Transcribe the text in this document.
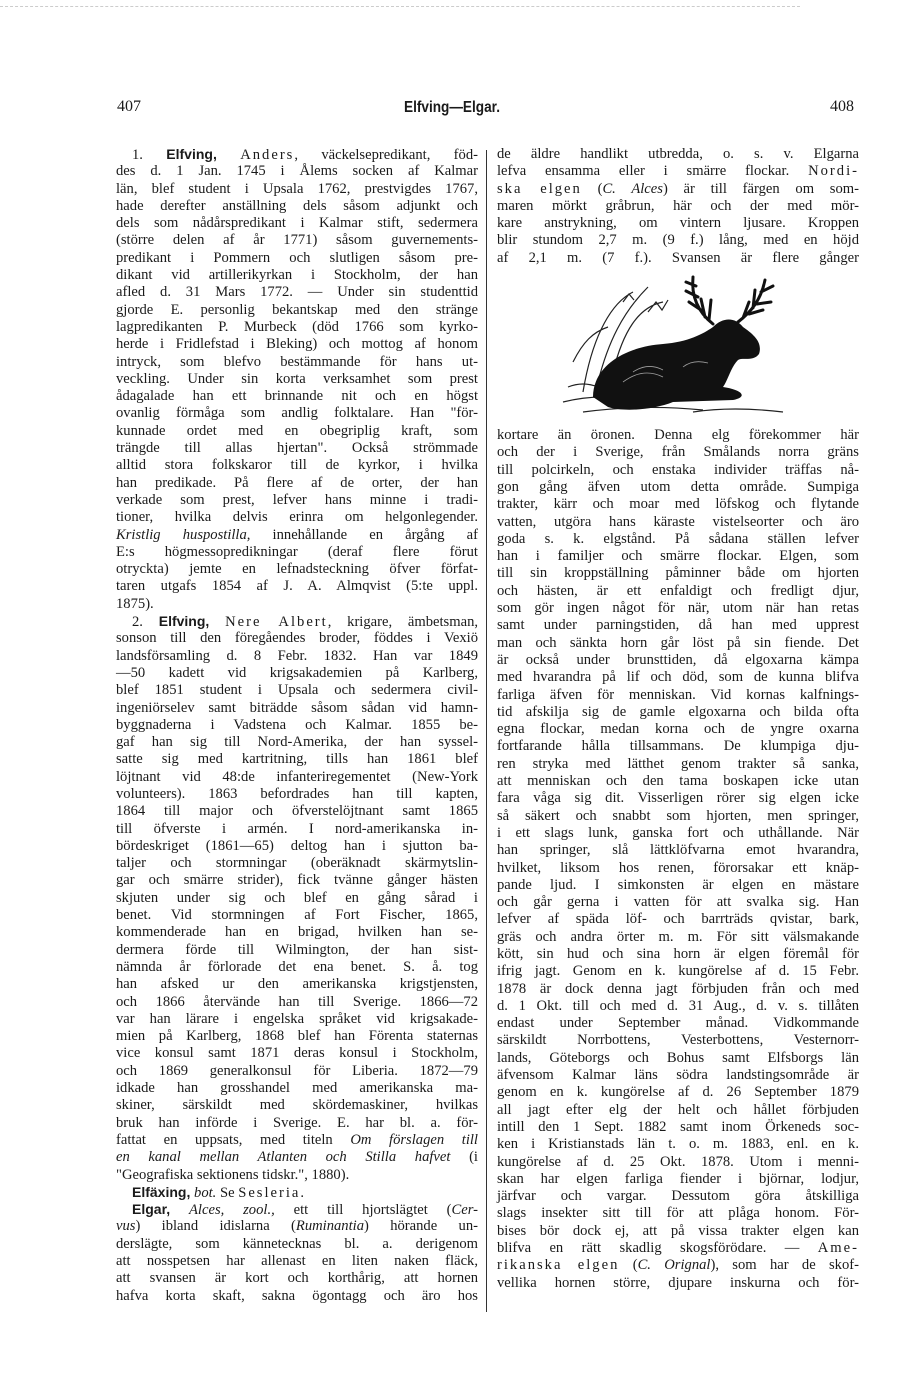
407	Elfving—Elgar.	408
1. Elfving, Anders, väckelsepredikant, föd-
des d. 1 Jan. 1745 i Ålems socken af Kalmar
län, blef student i Upsala 1762, prestvigdes 1767,
hade derefter anställning dels såsom adjunkt och
dels som nådårspredikant i Kalmar stift, sedermera
(större delen af år 1771) såsom guvernements-
predikant i Pommern och slutligen såsom pre-
dikant vid artillerikyrkan i Stockholm, der han
afled d. 31 Mars 1772. — Under sin studenttid
gjorde E. personlig bekantskap med den stränge
lagpredikanten P. Murbeck (död 1766 som kyrko-
herde i Fridlefstad i Bleking) och mottog af honom
intryck, som blefvo bestämmande för hans ut-
veckling. Under sin korta verksamhet som prest
ådagalade han ett brinnande nit och en högst
ovanlig förmåga som andlig folktalare. Han "för-
kunnade ordet med en obegriplig kraft, som
trängde till allas hjertan". Också strömmade
alltid stora folkskaror till de kyrkor, i hvilka
han predikade. På flere af de orter, der han
verkade som prest, lefver hans minne i tradi-
tioner, hvilka delvis erinra om helgonlegender.
Kristlig huspostilla, innehållande en årgång af
E:s högmessopredikningar (deraf flere förut
otryckta) jemte en lefnadsteckning öfver förfat-
taren utgafs 1854 af J. A. Almqvist (5:te uppl.
1875).
2. Elfving, Nere Albert, krigare, ämbetsman,
sonson till den föregåendes broder, föddes i Vexiö
landsförsamling d. 8 Febr. 1832. Han var 1849
—50 kadett vid krigsakademien på Karlberg,
blef 1851 student i Upsala och sedermera civil-
ingeniörselev samt biträdde såsom sådan vid hamn-
byggnaderna i Vadstena och Kalmar. 1855 be-
gaf han sig till Nord-Amerika, der han syssel-
satte sig med kartritning, tills han 1861 blef
löjtnant vid 48:de infanteriregementet (New-York
volunteers). 1863 befordrades han till kapten,
1864 till major och öfverstelöjtnant samt 1865
till öfverste i armén. I nord-amerikanska in-
bördeskriget (1861—65) deltog han i sjutton ba-
taljer och stormningar (oberäknadt skärmytslin-
gar och smärre strider), fick tvänne gånger hästen
skjuten under sig och blef en gång sårad i
benet. Vid stormningen af Fort Fischer, 1865,
kommenderade han en brigad, hvilken han se-
dermera förde till Wilmington, der han sist-
nämnda år förlorade det ena benet. S. å. tog
han afsked ur den amerikanska krigstjensten,
och 1866 återvände han till Sverige. 1866—72
var han lärare i engelska språket vid krigsakade-
mien på Karlberg, 1868 blef han Förenta staternas
vice konsul samt 1871 deras konsul i Stockholm,
och 1869 generalkonsul för Liberia. 1872—79
idkade han grosshandel med amerikanska ma-
skiner, särskildt med skördemaskiner, hvilkas
bruk han införde i Sverige. E. har bl. a. för-
fattat en uppsats, med titeln Om förslagen till
en kanal mellan Atlanten och Stilla hafvet (i
"Geografiska sektionens tidskr.", 1880).
Elfäxing, bot. Se Sesleria.
Elgar, Alces, zool., ett till hjortslägtet (Cer-
vus) ibland idislarna (Ruminantia) hörande un-
derslägte, som kännetecknas bl. a. derigenom
att nosspetsen har allenast en liten naken fläck,
att svansen är kort och korthårig, att hornen
hafva korta skaft, sakna ögontagg och äro hos
de äldre handlikt utbredda, o. s. v. Elgarna
lefva ensamma eller i smärre flockar. Nordi-
ska elgen (C. Alces) är till färgen om som-
maren mörkt gråbrun, här och der med mör-
kare anstrykning, om vintern ljusare. Kroppen
blir stundom 2,7 m. (9 f.) lång, med en höjd
af 2,1 m. (7 f.). Svansen är flere gånger
kortare än öronen. Denna elg förekommer här
och der i Sverige, från Smålands norra gräns
till polcirkeln, och enstaka individer träffas nå-
gon gång äfven utom detta område. Sumpiga
trakter, kärr och moar med löfskog och flytande
vatten, utgöra hans käraste vistelseorter och äro
goda s. k. elgstånd. På sådana ställen lefver
han i familjer och smärre flockar. Elgen, som
till sin kroppställning påminner både om hjorten
och hästen, är ett enfaldigt och fredligt djur,
som gör ingen något för när, utom när han retas
samt under parningstiden, då han med upprest
man och sänkta horn går löst på sin fiende. Det
är också under brunsttiden, då elgoxarna kämpa
med hvarandra på lif och död, som de kunna blifva
farliga äfven för menniskan. Vid kornas kalfnings-
tid afskilja sig de gamle elgoxarna och bilda ofta
egna flockar, medan korna och de yngre oxarna
fortfarande hålla tillsammans. De klumpiga dju-
ren stryka med lätthet genom trakter så sanka,
att menniskan och den tama boskapen icke utan
fara våga sig dit. Visserligen rörer sig elgen icke
så säkert och snabbt som hjorten, men springer,
i ett slags lunk, ganska fort och uthållande. När
han springer, slå lättklöfvarna emot hvarandra,
hvilket, liksom hos renen, förorsakar ett knäp-
pande ljud. I simkonsten är elgen en mästare
och går gerna i vatten för att svalka sig. Han
lefver af späda löf- och barrträds qvistar, bark,
gräs och andra örter m. m. För sitt välsmakande
kött, sin hud och sina horn är elgen föremål för
ifrig jagt. Genom en k. kungörelse af d. 15 Febr.
1878 är dock denna jagt förbjuden från och med
d. 1 Okt. till och med d. 31 Aug., d. v. s. tillåten
endast under September månad. Vidkommande
särskildt Norrbottens, Vesterbottens, Vesternorr-
lands, Göteborgs och Bohus samt Elfsborgs län
äfvensom Kalmar läns södra landstingsområde är
genom en k. kungörelse af d. 26 September 1879
all jagt efter elg der helt och hållet förbjuden
intill den 1 Sept. 1882 samt inom Örkeneds soc-
ken i Kristianstads län t. o. m. 1883, enl. en k.
kungörelse af d. 25 Okt. 1878. Utom i menni-
skan har elgen farliga fiender i björnar, lodjur,
järfvar och vargar. Dessutom göra åtskilliga
slags insekter sitt till för att plåga honom. För-
bises bör dock ej, att på vissa trakter elgen kan
blifva en rätt skadlig skogsförödare. — Ame-
rikanska elgen (C. Orignal), som har de skof-
vellika hornen större, djupare inskurna och för-
